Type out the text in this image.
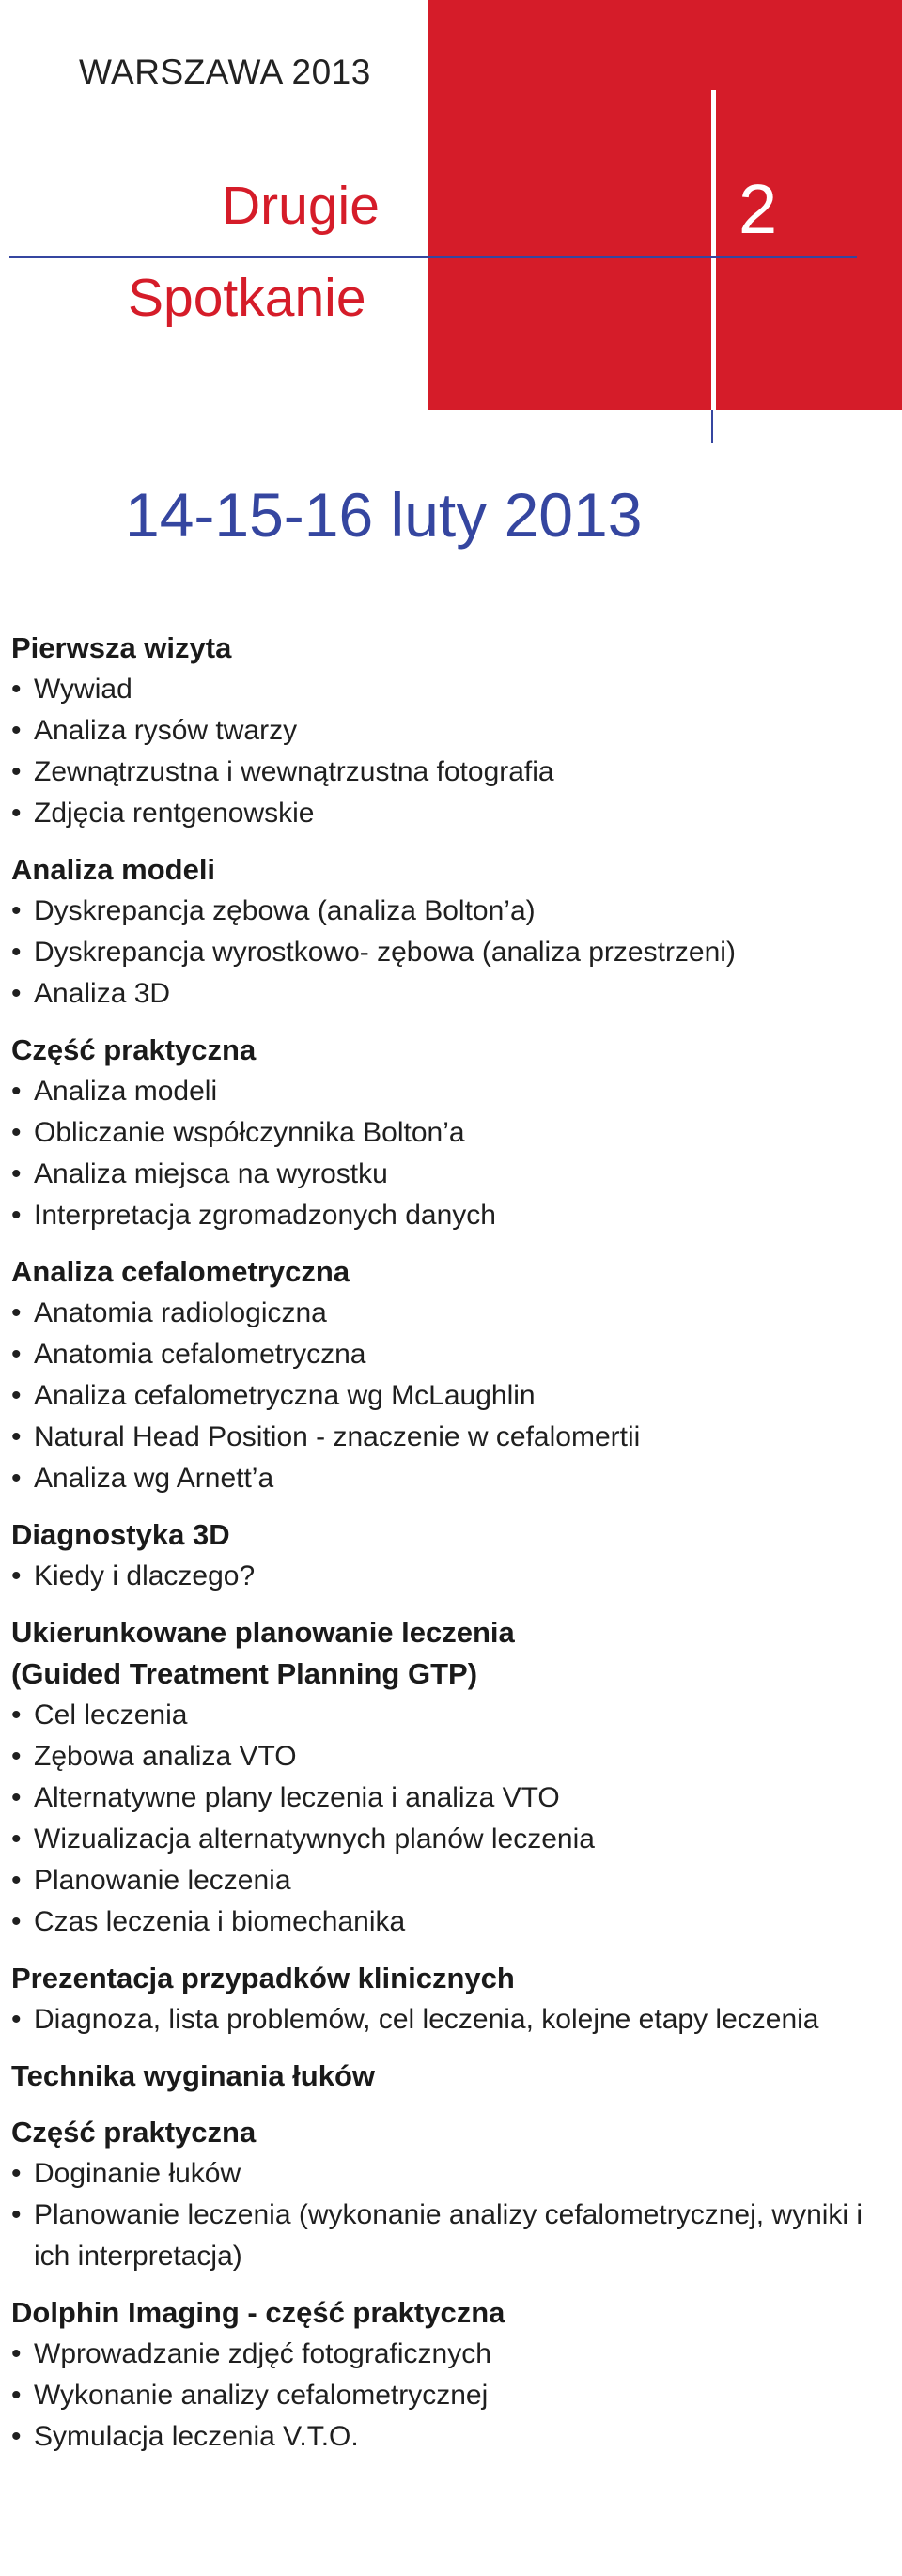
WARSZAWA 2013
Drugie
Spotkanie
2
14-15-16 luty 2013
Pierwsza wizyta
• Wywiad
• Analiza rysów twarzy
• Zewnątrzustna i wewnątrzustna fotografia
• Zdjęcia rentgenowskie
Analiza modeli
• Dyskrepancja zębowa (analiza Bolton’a)
• Dyskrepancja wyrostkowo- zębowa (analiza przestrzeni)
• Analiza 3D
Część praktyczna
• Analiza modeli
• Obliczanie współczynnika Bolton’a
• Analiza miejsca na wyrostku
• Interpretacja zgromadzonych danych
Analiza cefalometryczna
• Anatomia radiologiczna
• Anatomia cefalometryczna
• Analiza cefalometryczna wg McLaughlin
• Natural Head Position - znaczenie w cefalomertii
• Analiza wg Arnett’a
Diagnostyka 3D
• Kiedy i dlaczego?
Ukierunkowane planowanie leczenia
(Guided Treatment Planning GTP)
• Cel leczenia
• Zębowa analiza VTO
• Alternatywne plany leczenia i analiza VTO
• Wizualizacja alternatywnych planów leczenia
• Planowanie leczenia
• Czas leczenia i biomechanika
Prezentacja przypadków klinicznych
• Diagnoza, lista problemów, cel leczenia, kolejne etapy leczenia
Technika wyginania łuków
Część praktyczna
• Doginanie łuków
• Planowanie leczenia (wykonanie analizy cefalometrycznej, wyniki i ich interpretacja)
Dolphin Imaging - część praktyczna
• Wprowadzanie zdjęć fotograficznych
• Wykonanie analizy cefalometrycznej
• Symulacja leczenia V.T.O.
